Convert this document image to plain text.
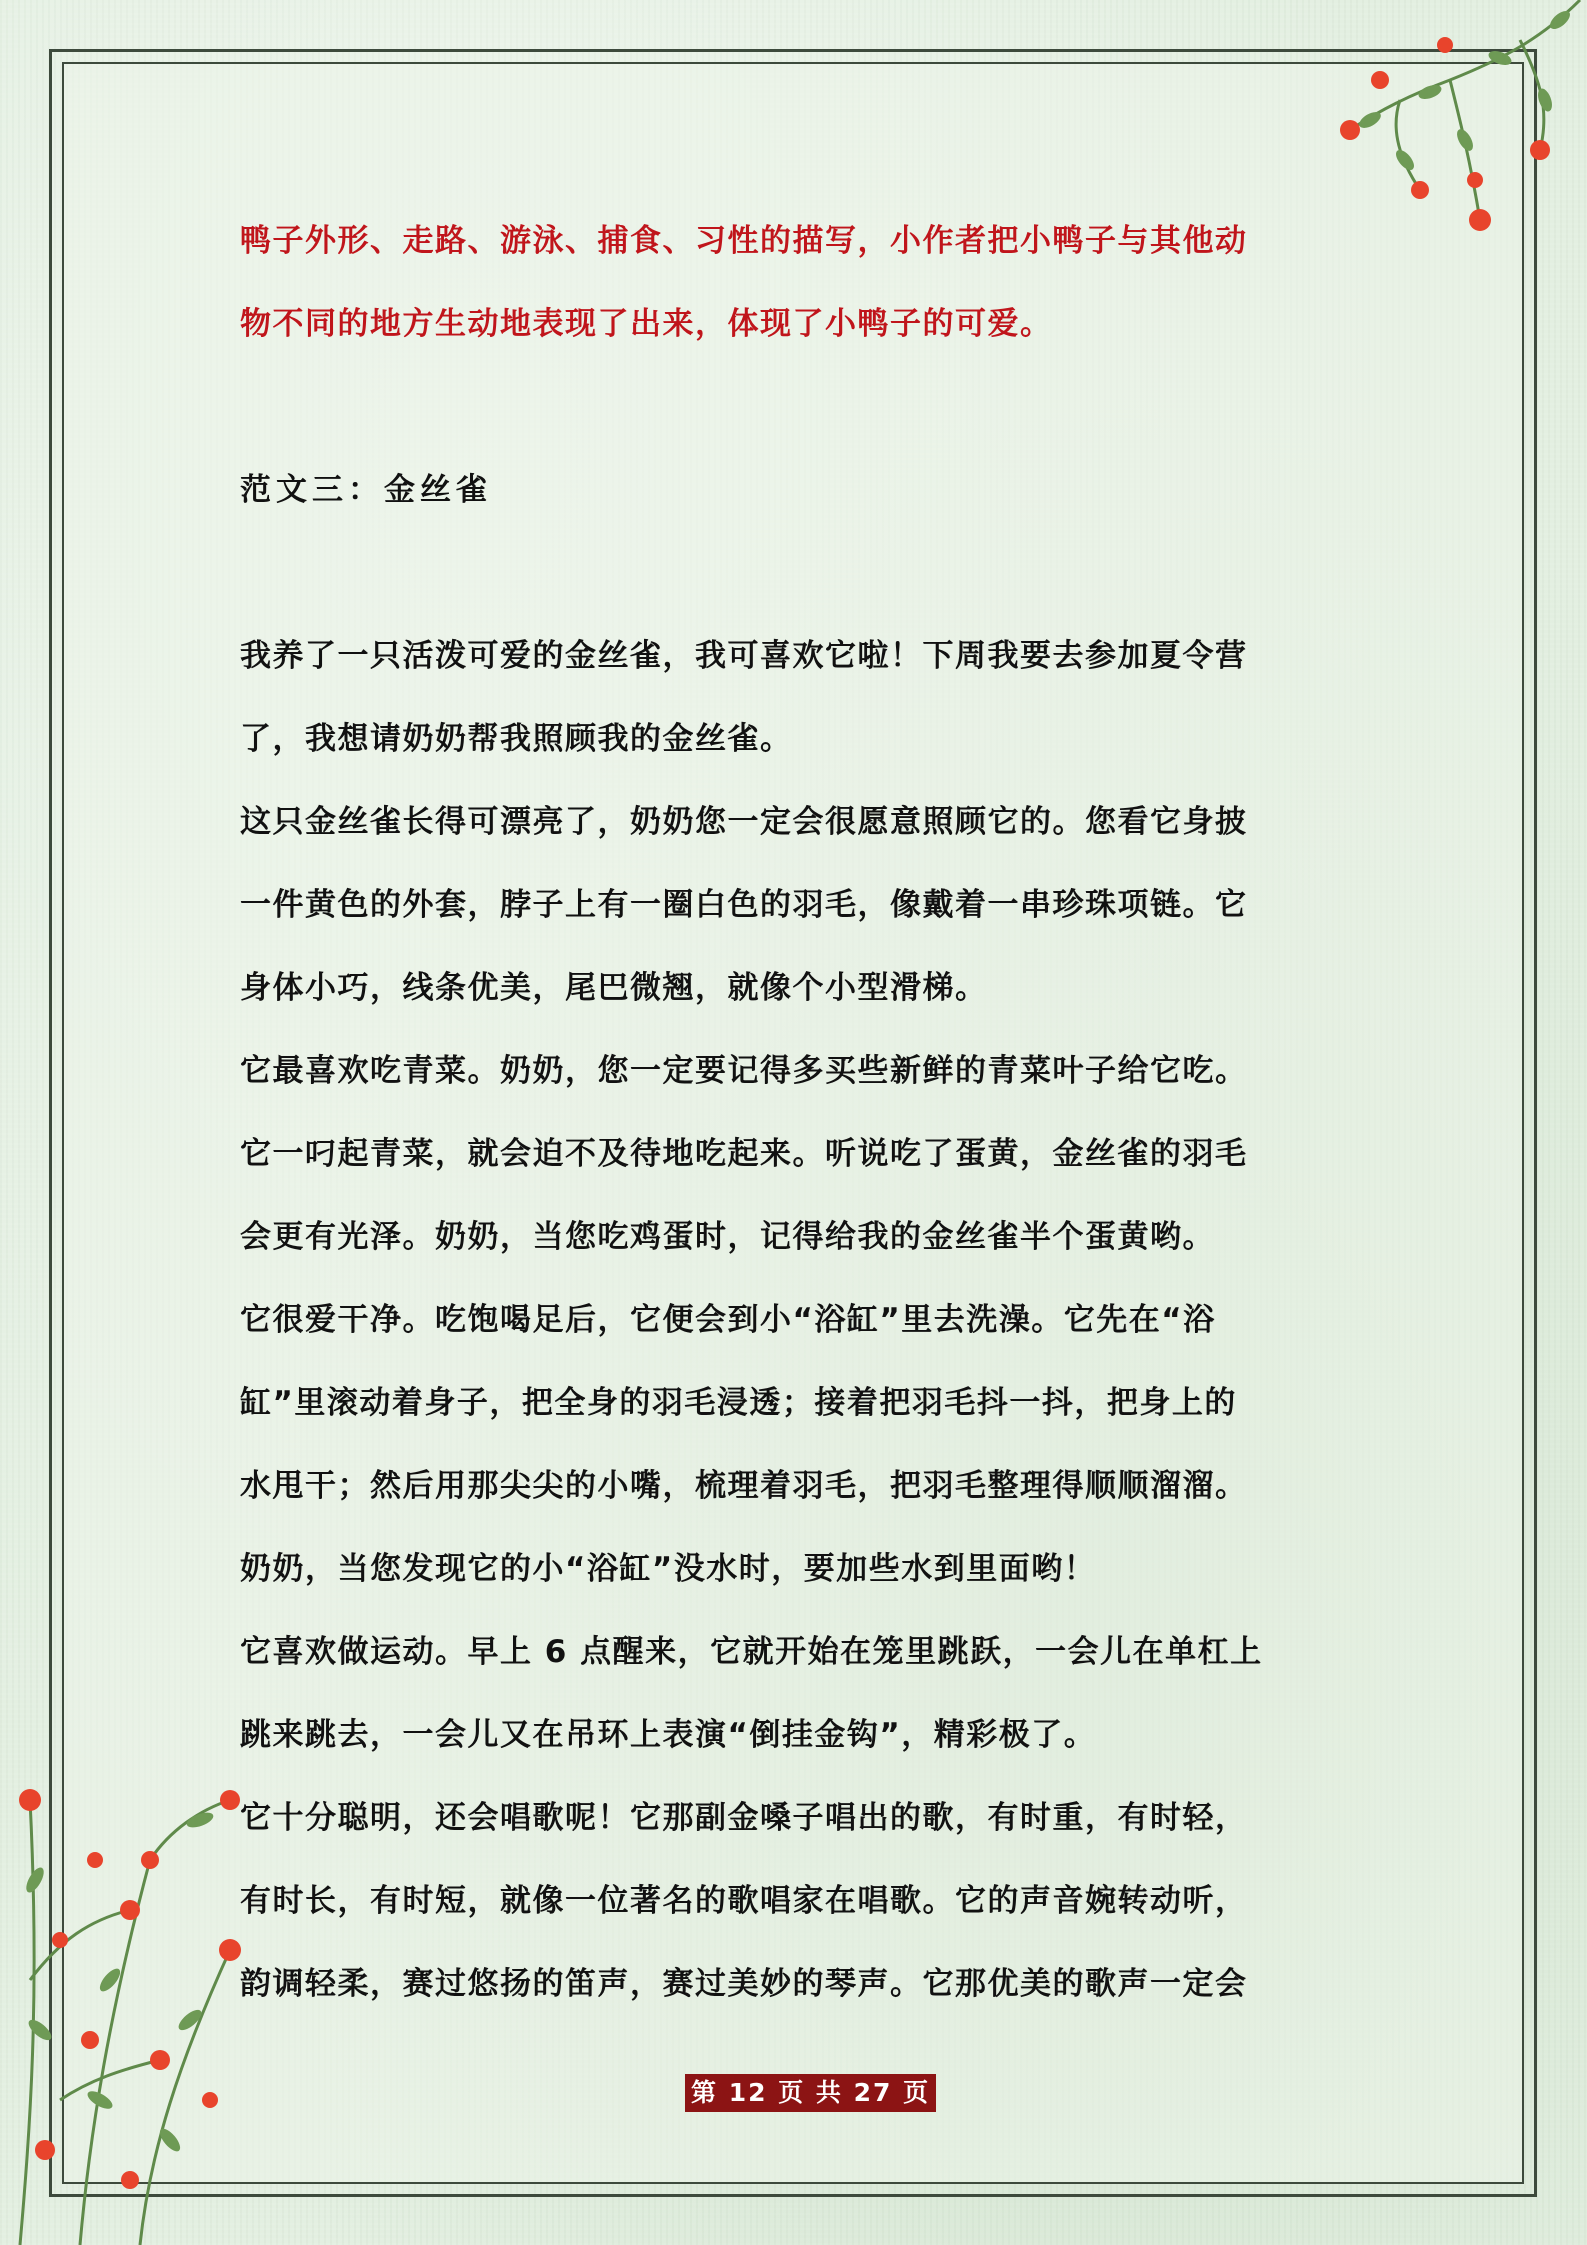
鸭子外形、走路、游泳、捕食、习性的描写，小作者把小鸭子与其他动

物不同的地方生动地表现了出来，体现了小鸭子的可爱。

范文三：金丝雀

我养了一只活泼可爱的金丝雀，我可喜欢它啦！下周我要去参加夏令营

了，我想请奶奶帮我照顾我的金丝雀。

这只金丝雀长得可漂亮了，奶奶您一定会很愿意照顾它的。您看它身披

一件黄色的外套，脖子上有一圈白色的羽毛，像戴着一串珍珠项链。它

身体小巧，线条优美，尾巴微翘，就像个小型滑梯。

它最喜欢吃青菜。奶奶，您一定要记得多买些新鲜的青菜叶子给它吃。

它一叼起青菜，就会迫不及待地吃起来。听说吃了蛋黄，金丝雀的羽毛

会更有光泽。奶奶，当您吃鸡蛋时，记得给我的金丝雀半个蛋黄哟。

它很爱干净。吃饱喝足后，它便会到小“浴缸”里去洗澡。它先在“浴

缸”里滚动着身子，把全身的羽毛浸透；接着把羽毛抖一抖，把身上的

水甩干；然后用那尖尖的小嘴，梳理着羽毛，把羽毛整理得顺顺溜溜。

奶奶，当您发现它的小“浴缸”没水时，要加些水到里面哟！

它喜欢做运动。早上 6 点醒来，它就开始在笼里跳跃，一会儿在单杠上

跳来跳去，一会儿又在吊环上表演“倒挂金钩”，精彩极了。

它十分聪明，还会唱歌呢！它那副金嗓子唱出的歌，有时重，有时轻，

有时长，有时短，就像一位著名的歌唱家在唱歌。它的声音婉转动听，

韵调轻柔，赛过悠扬的笛声，赛过美妙的琴声。它那优美的歌声一定会

第 12 页 共 27 页
